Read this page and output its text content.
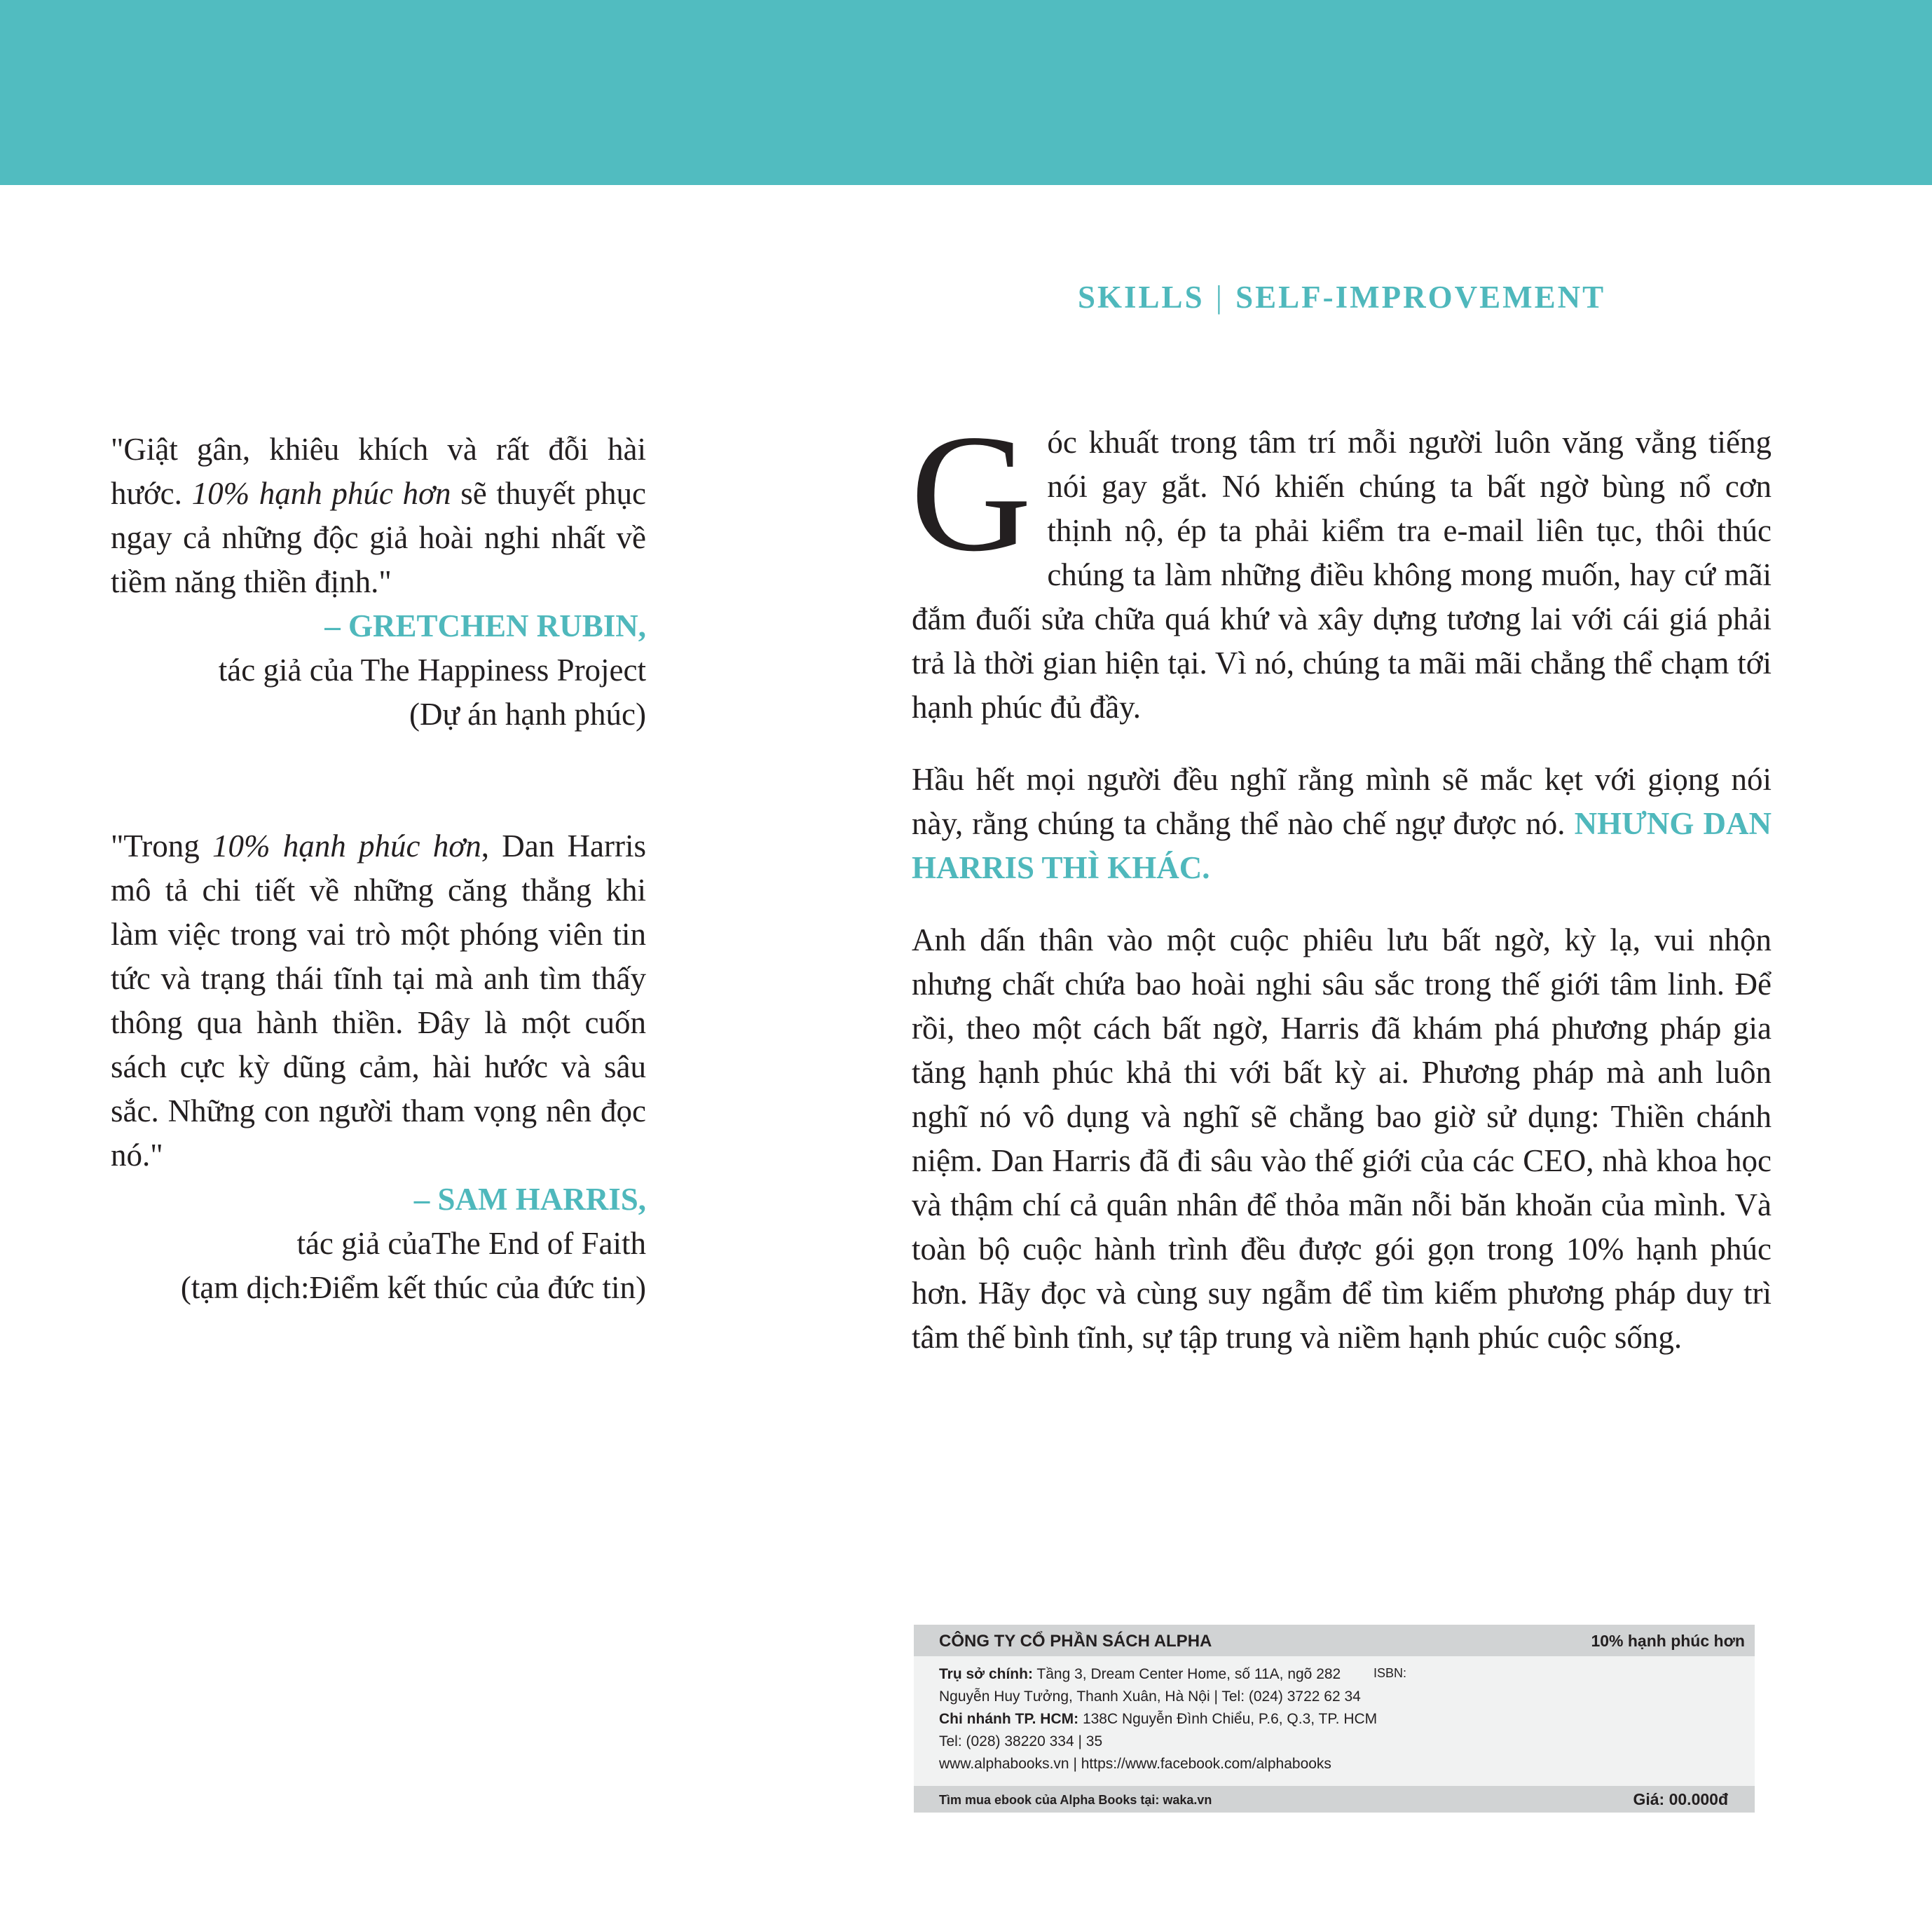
SKILLS | SELF-IMPROVEMENT

"Giật gân, khiêu khích và rất đỗi hài hước. 10% hạnh phúc hơn sẽ thuyết phục ngay cả những độc giả hoài nghi nhất về tiềm năng thiền định."

– GRETCHEN RUBIN,

tác giả của The Happiness Project

(Dự án hạnh phúc)

"Trong 10% hạnh phúc hơn, Dan Harris mô tả chi tiết về những căng thẳng khi làm việc trong vai trò một phóng viên tin tức và trạng thái tĩnh tại mà anh tìm thấy thông qua hành thiền. Đây là một cuốn sách cực kỳ dũng cảm, hài hước và sâu sắc. Những con người tham vọng nên đọc nó."

– SAM HARRIS,

tác giả củaThe End of Faith

(tạm dịch:Điểm kết thúc của đức tin)

Góc khuất trong tâm trí mỗi người luôn văng vẳng tiếng nói gay gắt. Nó khiến chúng ta bất ngờ bùng nổ cơn thịnh nộ, ép ta phải kiểm tra e-mail liên tục, thôi thúc chúng ta làm những điều không mong muốn, hay cứ mãi đắm đuối sửa chữa quá khứ và xây dựng tương lai với cái giá phải trả là thời gian hiện tại. Vì nó, chúng ta mãi mãi chẳng thể chạm tới hạnh phúc đủ đầy.

Hầu hết mọi người đều nghĩ rằng mình sẽ mắc kẹt với giọng nói này, rằng chúng ta chẳng thể nào chế ngự được nó. NHƯNG DAN HARRIS THÌ KHÁC.

Anh dấn thân vào một cuộc phiêu lưu bất ngờ, kỳ lạ, vui nhộn nhưng chất chứa bao hoài nghi sâu sắc trong thế giới tâm linh. Để rồi, theo một cách bất ngờ, Harris đã khám phá phương pháp gia tăng hạnh phúc khả thi với bất kỳ ai. Phương pháp mà anh luôn nghĩ nó vô dụng và nghĩ sẽ chẳng bao giờ sử dụng: Thiền chánh niệm. Dan Harris đã đi sâu vào thế giới của các CEO, nhà khoa học và thậm chí cả quân nhân để thỏa mãn nỗi băn khoăn của mình. Và toàn bộ cuộc hành trình đều được gói gọn trong 10% hạnh phúc hơn. Hãy đọc và cùng suy ngẫm để tìm kiếm phương pháp duy trì tâm thế bình tĩnh, sự tập trung và niềm hạnh phúc cuộc sống.

CÔNG TY CỔ PHẦN SÁCH ALPHA	10% hạnh phúc hơn
Trụ sở chính: Tầng 3, Dream Center Home, số 11A, ngõ 282
Nguyễn Huy Tưởng, Thanh Xuân, Hà Nội | Tel: (024) 3722 62 34
Chi nhánh TP. HCM: 138C Nguyễn Đình Chiểu, P.6, Q.3, TP. HCM
Tel: (028) 38220 334 | 35
www.alphabooks.vn | https://www.facebook.com/alphabooks
ISBN:
Tìm mua ebook của Alpha Books tại: waka.vn	Giá: 00.000đ
